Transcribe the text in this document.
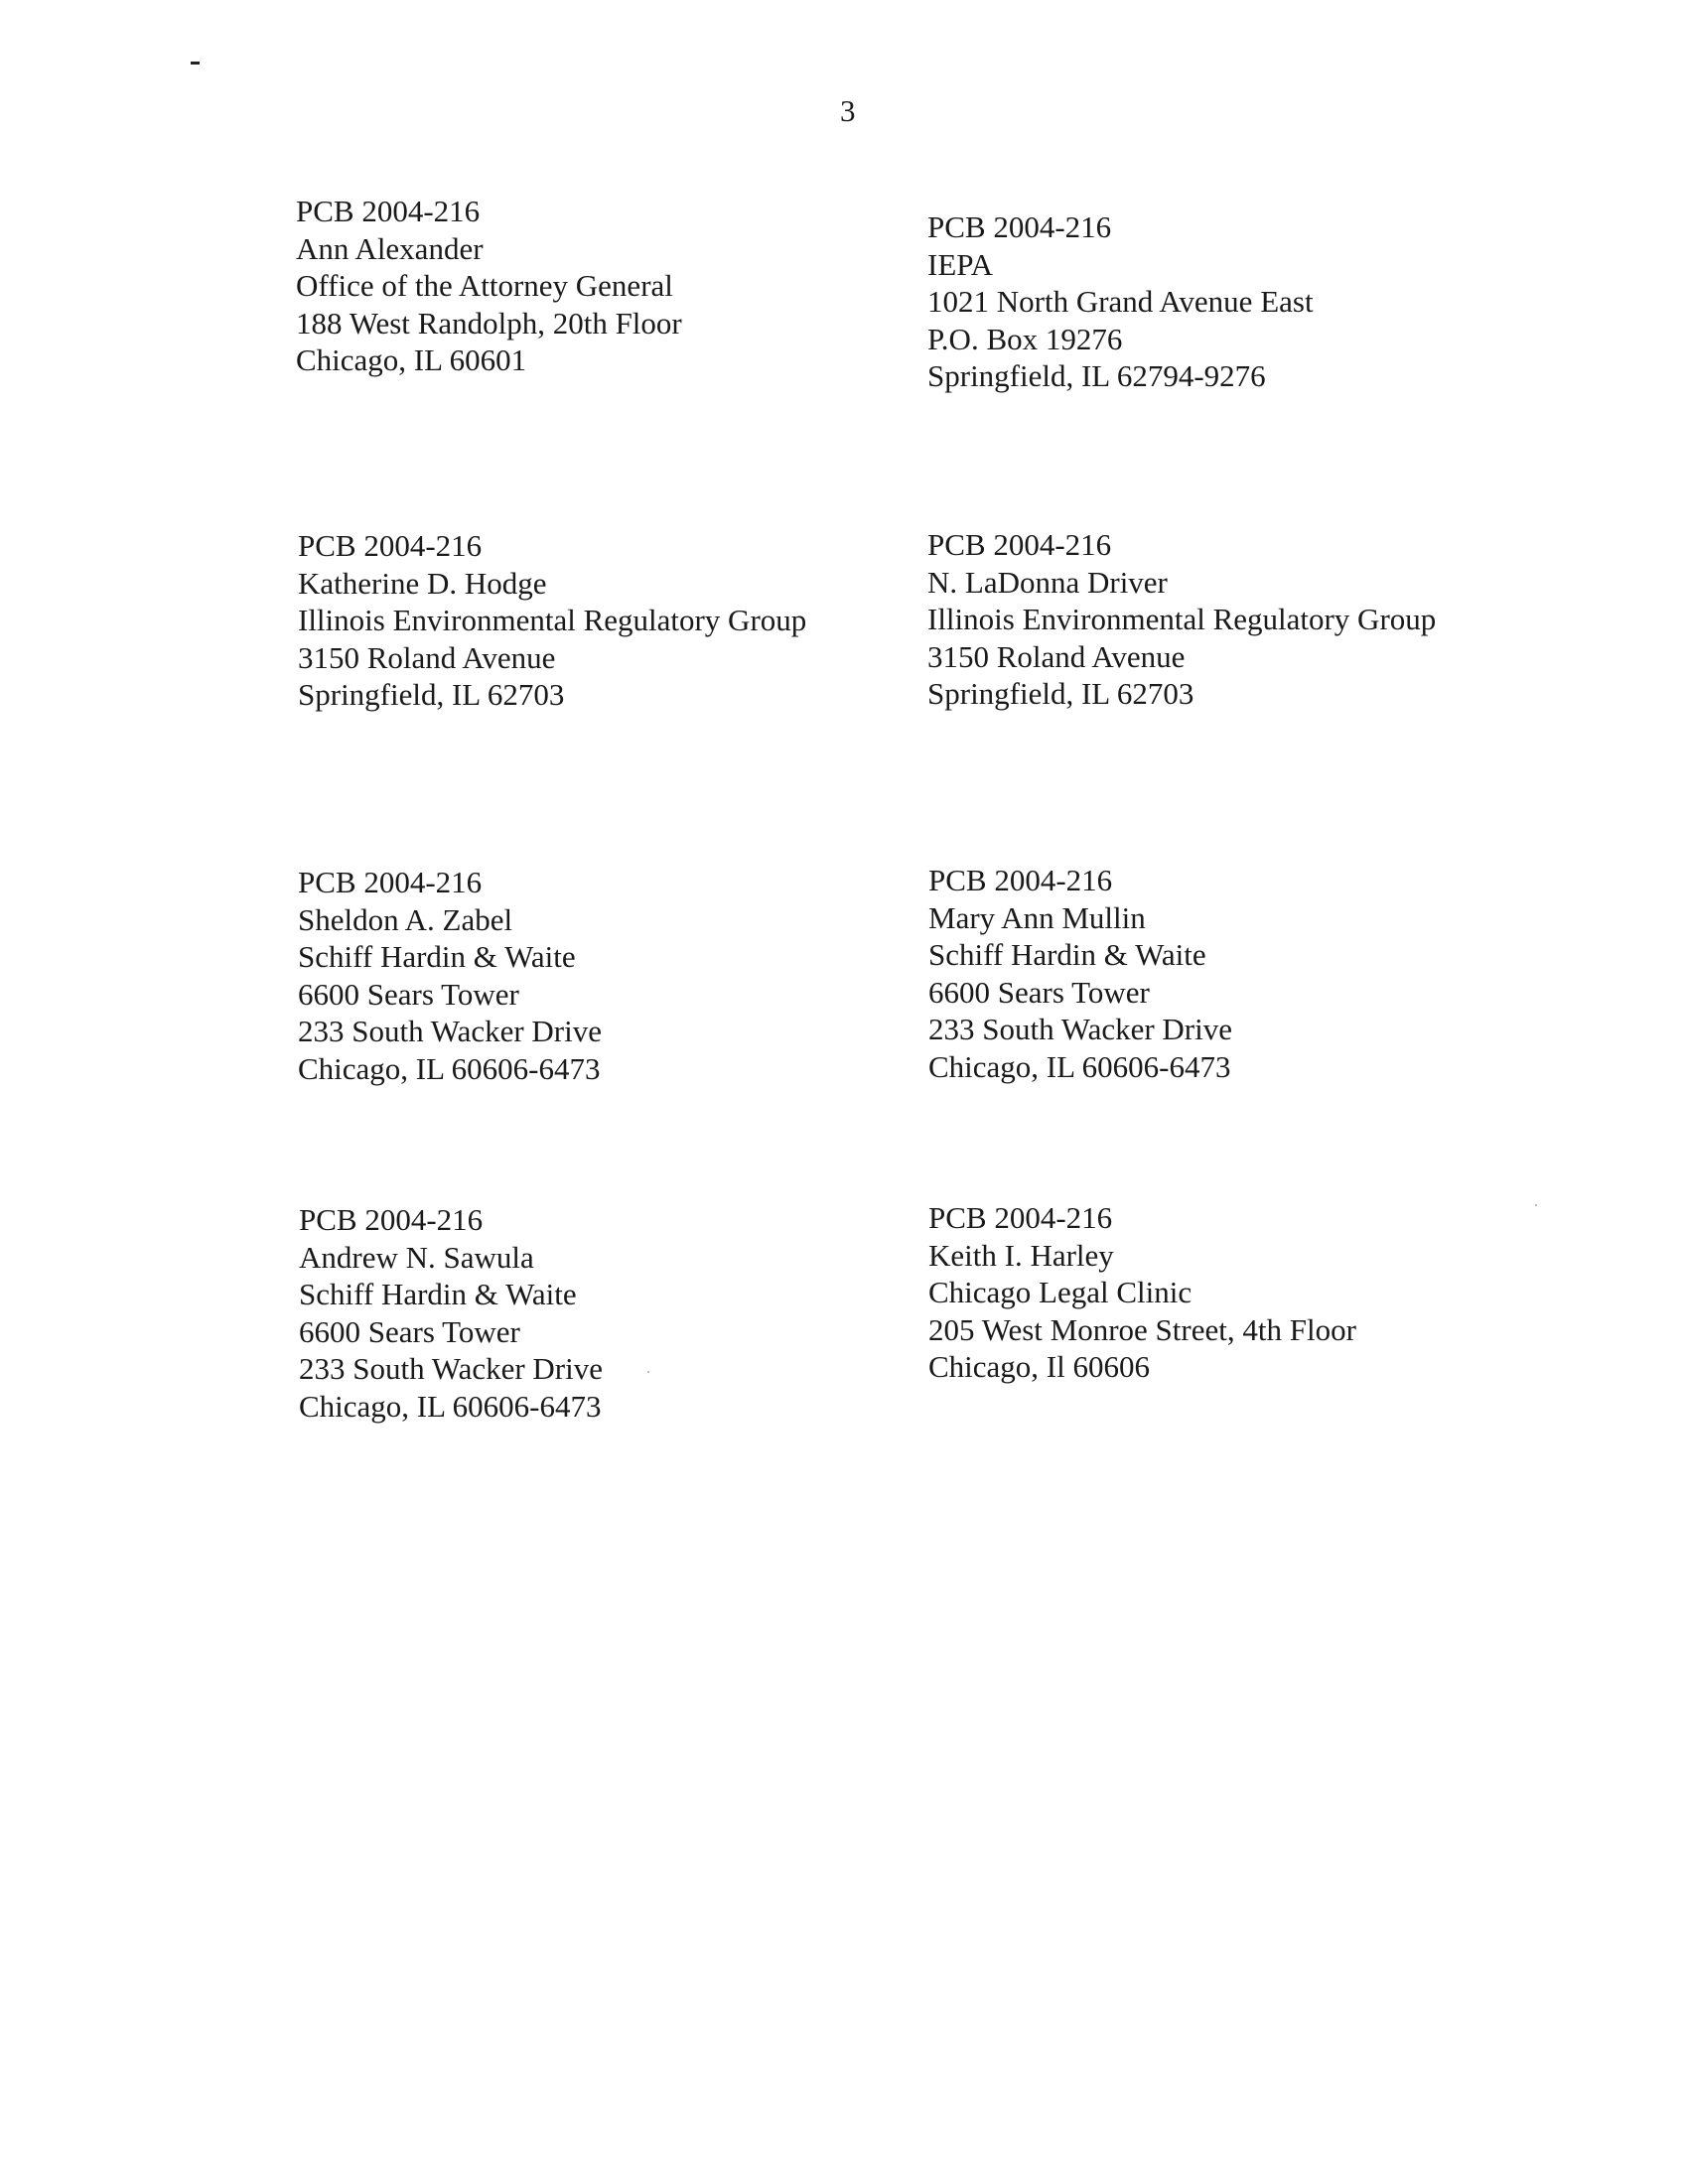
3
PCB 2004-216
Ann Alexander
Office of the Attorney General
188 West Randolph, 20th Floor
Chicago, IL 60601
PCB 2004-216
IEPA
1021 North Grand Avenue East
P.O. Box 19276
Springfield, IL 62794-9276
PCB 2004-216
Katherine D. Hodge
Illinois Environmental Regulatory Group
3150 Roland Avenue
Springfield, IL 62703
PCB 2004-216
N. LaDonna Driver
Illinois Environmental Regulatory Group
3150 Roland Avenue
Springfield, IL 62703
PCB 2004-216
Sheldon A. Zabel
Schiff Hardin & Waite
6600 Sears Tower
233 South Wacker Drive
Chicago, IL 60606-6473
PCB 2004-216
Mary Ann Mullin
Schiff Hardin & Waite
6600 Sears Tower
233 South Wacker Drive
Chicago, IL 60606-6473
PCB 2004-216
Andrew N. Sawula
Schiff Hardin & Waite
6600 Sears Tower
233 South Wacker Drive
Chicago, IL 60606-6473
PCB 2004-216
Keith I. Harley
Chicago Legal Clinic
205 West Monroe Street, 4th Floor
Chicago, Il 60606
